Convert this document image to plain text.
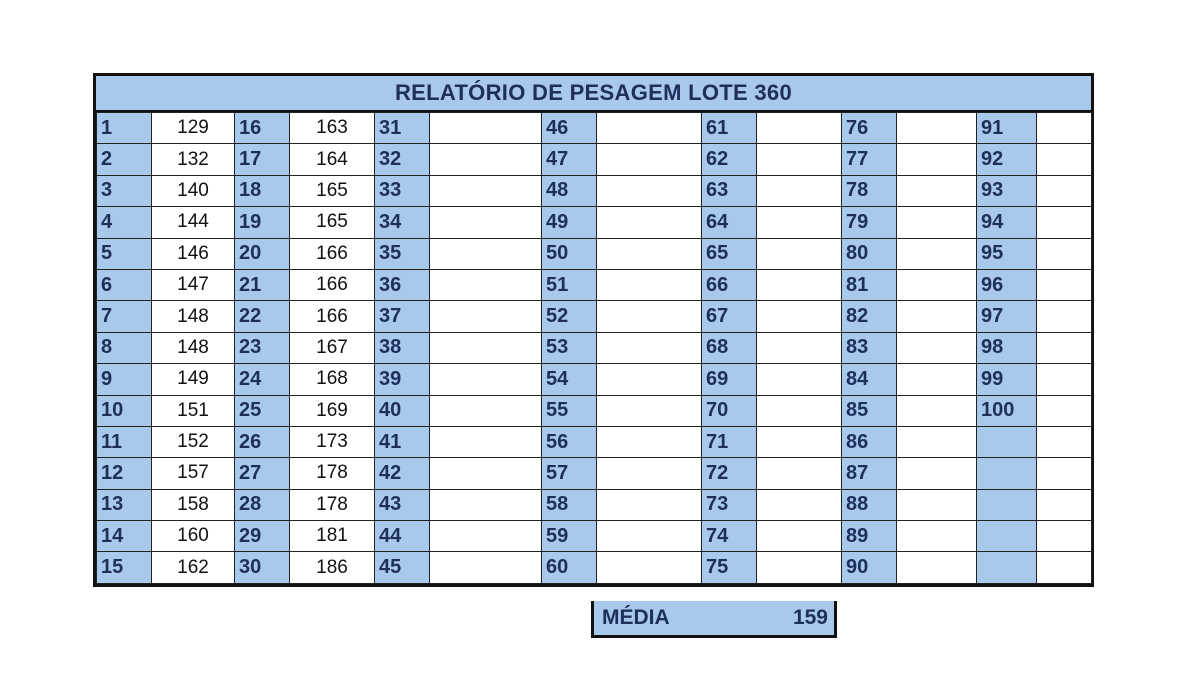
RELATÓRIO DE PESAGEM LOTE 360
1	129	16	163	31		46		61		76		91	
2	132	17	164	32		47		62		77		92	
3	140	18	165	33		48		63		78		93	
4	144	19	165	34		49		64		79		94	
5	146	20	166	35		50		65		80		95	
6	147	21	166	36		51		66		81		96	
7	148	22	166	37		52		67		82		97	
8	148	23	167	38		53		68		83		98	
9	149	24	168	39		54		69		84		99	
10	151	25	169	40		55		70		85		100	
11	152	26	173	41		56		71		86			
12	157	27	178	42		57		72		87			
13	158	28	178	43		58		73		88			
14	160	29	181	44		59		74		89			
15	162	30	186	45		60		75		90			
MÉDIA	159
